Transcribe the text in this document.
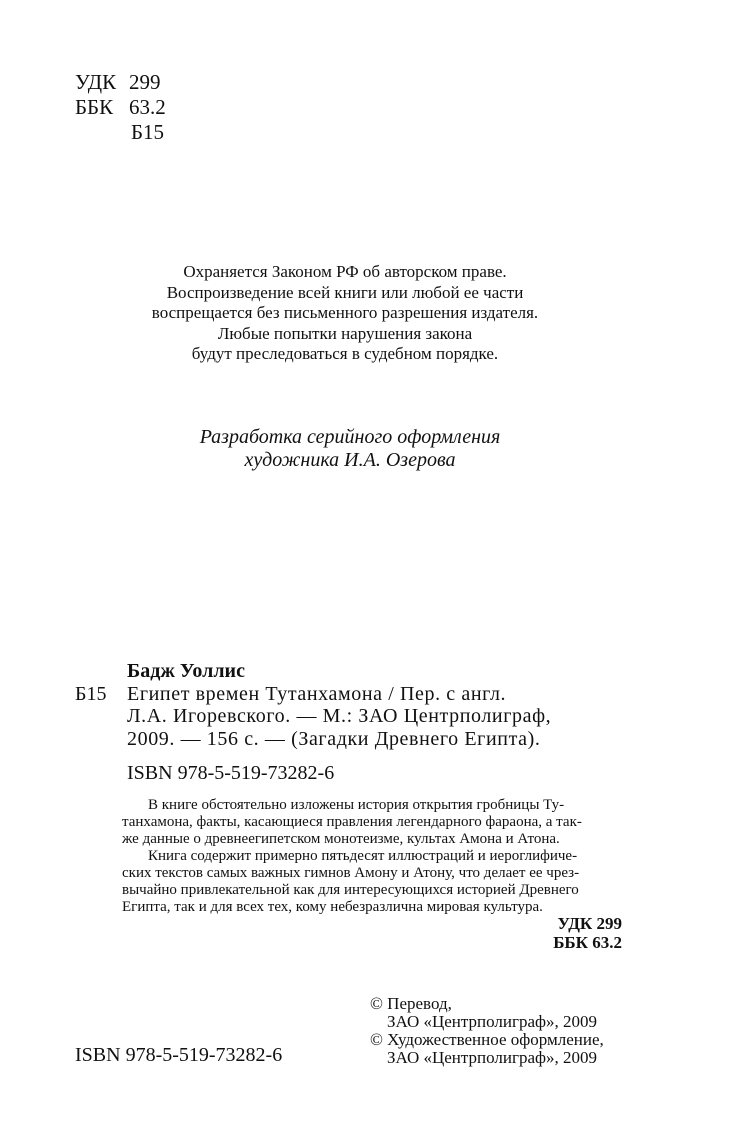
УДК 299
ББК 63.2
Б15
Охраняется Законом РФ об авторском праве.
Воспроизведение всей книги или любой ее части
воспрещается без письменного разрешения издателя.
Любые попытки нарушения закона
будут преследоваться в судебном порядке.
Разработка серийного оформления
художника И.А. Озерова
Бадж Уоллис
Б15	Египет времен Тутанхамона / Пер. с англ.
Л.А. Игоревского. — М.: ЗАО Центрполиграф,
2009. — 156 с. — (Загадки Древнего Египта).
ISBN 978-5-519-73282-6
В книге обстоятельно изложены история открытия гробницы Ту-
танхамона, факты, касающиеся правления легендарного фараона, а так-
же данные о древнеегипетском монотеизме, культах Амона и Атона.
Книга содержит примерно пятьдесят иллюстраций и иероглифиче-
ских текстов самых важных гимнов Амону и Атону, что делает ее чрез-
вычайно привлекательной как для интересующихся историей Древнего
Египта, так и для всех тех, кому небезразлична мировая культура.
УДК 299
ББК 63.2
© Перевод,
ЗАО «Центрполиграф», 2009
© Художественное оформление,
ЗАО «Центрполиграф», 2009
ISBN 978-5-519-73282-6
